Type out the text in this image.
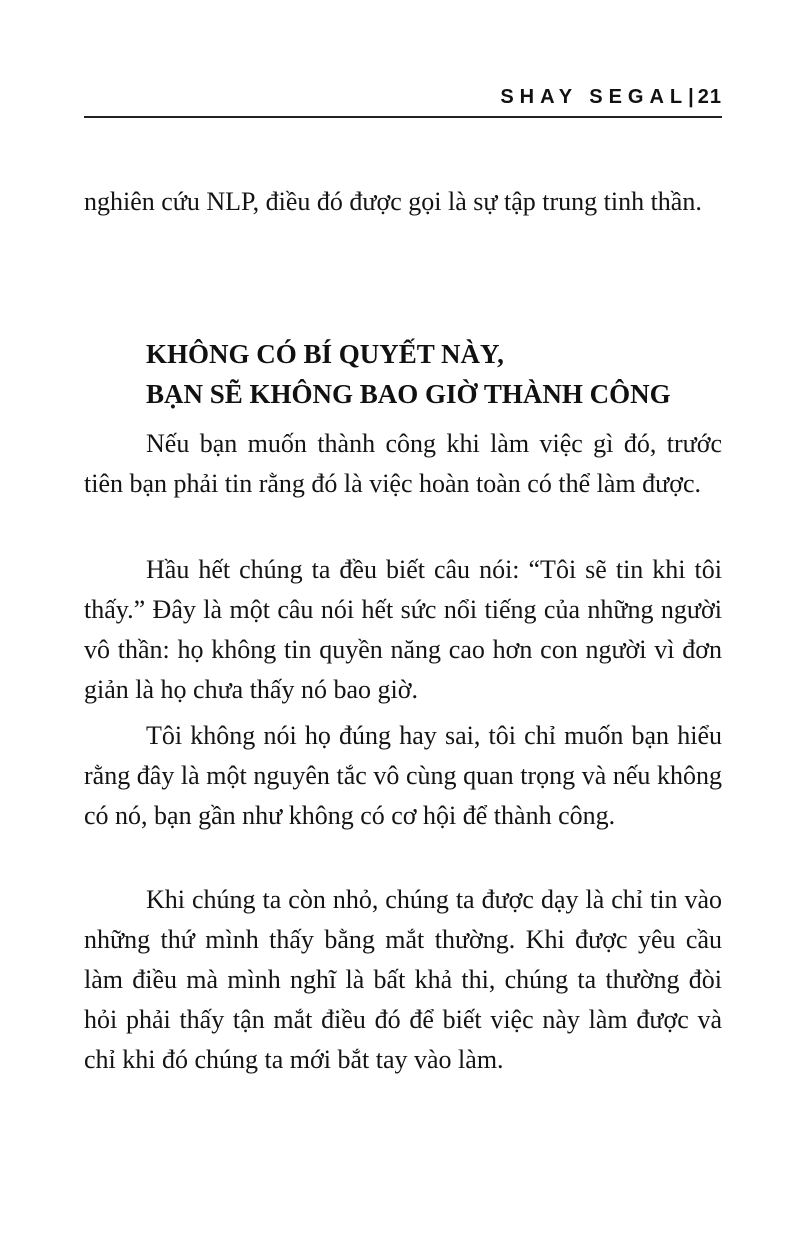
SHAY SEGAL|21

nghiên cứu NLP, điều đó được gọi là sự tập trung tinh thần.

KHÔNG CÓ BÍ QUYẾT NÀY,
BẠN SẼ KHÔNG BAO GIỜ THÀNH CÔNG

Nếu bạn muốn thành công khi làm việc gì đó, trước tiên bạn phải tin rằng đó là việc hoàn toàn có thể làm được.

Hầu hết chúng ta đều biết câu nói: “Tôi sẽ tin khi tôi thấy.” Đây là một câu nói hết sức nổi tiếng của những người vô thần: họ không tin quyền năng cao hơn con người vì đơn giản là họ chưa thấy nó bao giờ.

Tôi không nói họ đúng hay sai, tôi chỉ muốn bạn hiểu rằng đây là một nguyên tắc vô cùng quan trọng và nếu không có nó, bạn gần như không có cơ hội để thành công.

Khi chúng ta còn nhỏ, chúng ta được dạy là chỉ tin vào những thứ mình thấy bằng mắt thường. Khi được yêu cầu làm điều mà mình nghĩ là bất khả thi, chúng ta thường đòi hỏi phải thấy tận mắt điều đó để biết việc này làm được và chỉ khi đó chúng ta mới bắt tay vào làm.
